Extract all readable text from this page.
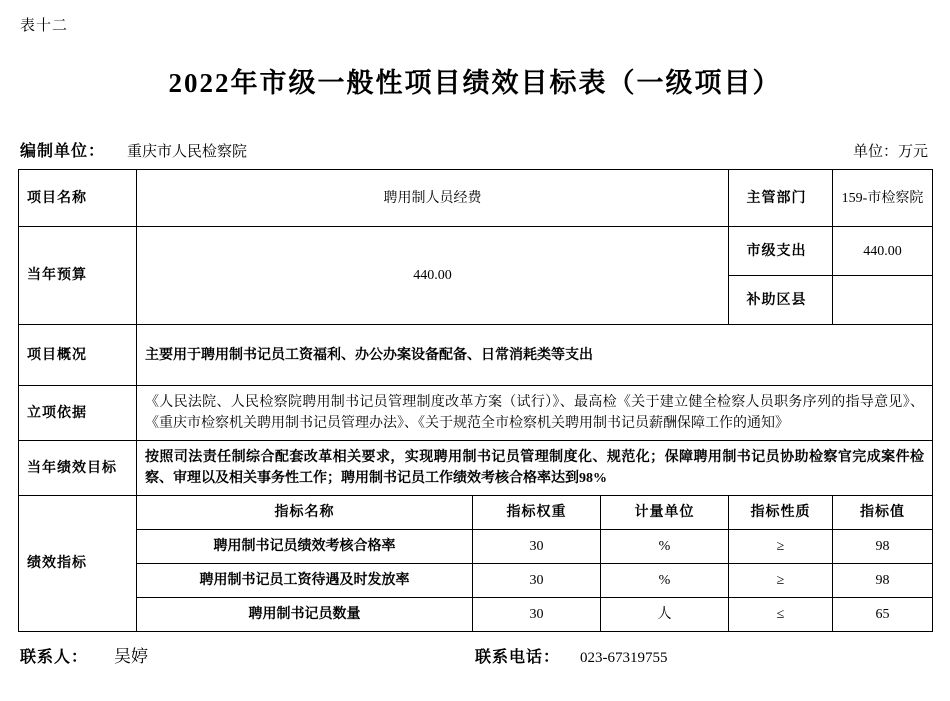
表十二
2022年市级一般性项目绩效目标表（一级项目）
编制单位： 重庆市人民检察院	单位：万元
项目名称	聘用制人员经费			主管部门	159-市检察院
当年预算	440.00			市级支出	440.00
				补助区县	
项目概况	主要用于聘用制书记员工资福利、办公办案设备配备、日常消耗类等支出				
立项依据	《人民法院、人民检察院聘用制书记员管理制度改革方案（试行）》、最高检《关于建立健全检察人员职务序列的指导意见》、《重庆市检察机关聘用制书记员管理办法》、《关于规范全市检察机关聘用制书记员薪酬保障工作的通知》				
当年绩效目标	按照司法责任制综合配套改革相关要求，实现聘用制书记员管理制度化、规范化；保障聘用制书记员协助检察官完成案件检察、审理以及相关事务性工作；聘用制书记员工作绩效考核合格率达到98%				
绩效指标	指标名称	指标权重	计量单位	指标性质	指标值
	聘用制书记员绩效考核合格率	30	%	≥	98
	聘用制书记员工资待遇及时发放率	30	%	≥	98
	聘用制书记员数量	30	人	≤	65
联系人： 吴婷	联系电话： 023-67319755
